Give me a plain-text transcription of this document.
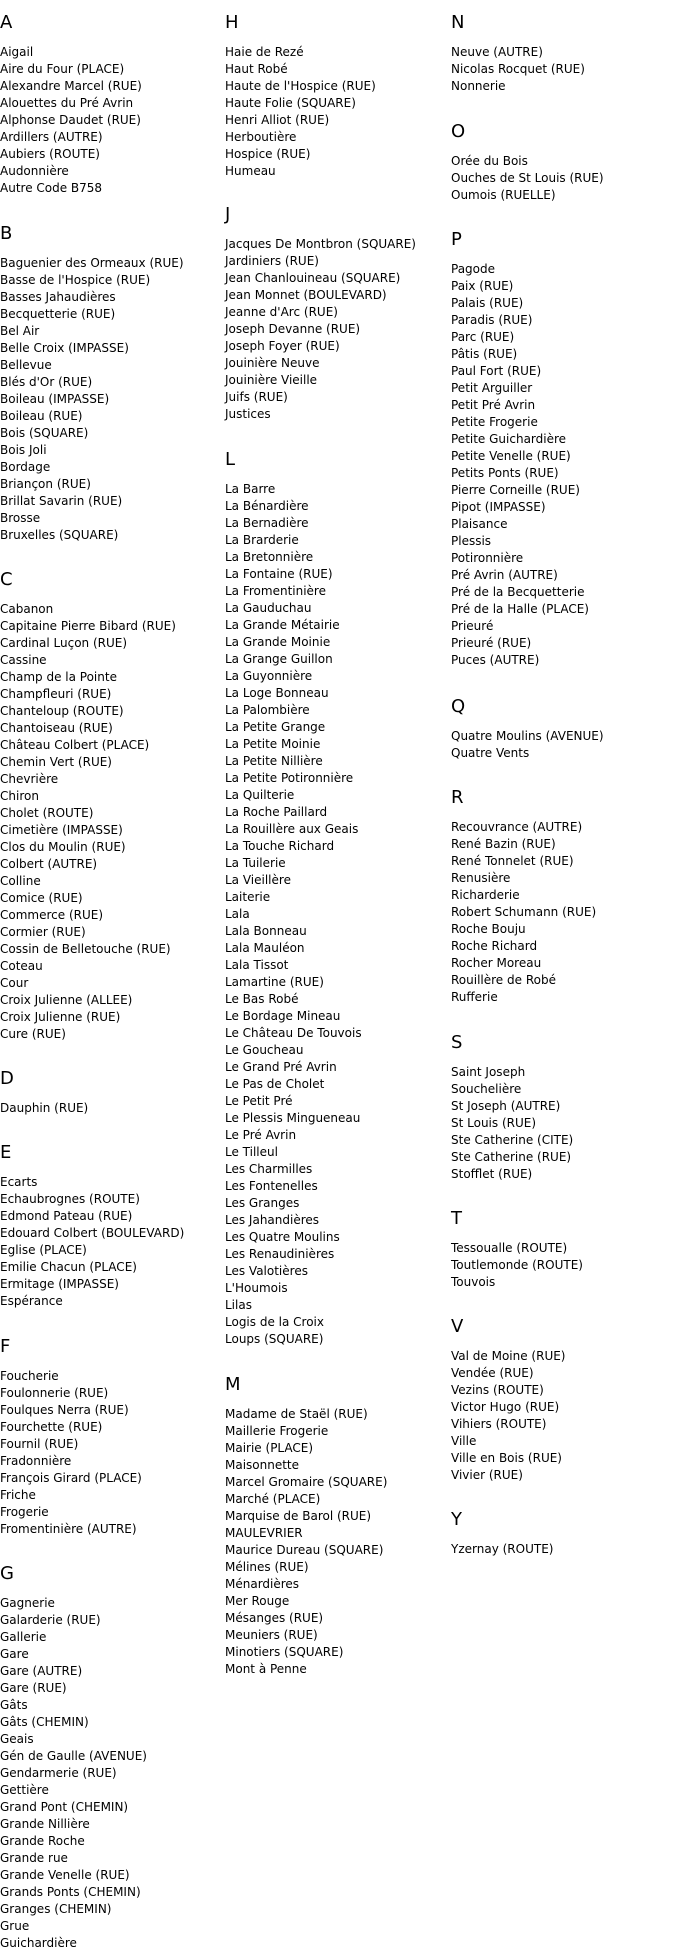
A
Aigail
Aire du Four (PLACE)
Alexandre Marcel (RUE)
Alouettes du Pré Avrin
Alphonse Daudet (RUE)
Ardillers (AUTRE)
Aubiers (ROUTE)
Audonnière
Autre Code B758
B
Baguenier des Ormeaux (RUE)
Basse de l'Hospice (RUE)
Basses Jahaudières
Becquetterie (RUE)
Bel Air
Belle Croix (IMPASSE)
Bellevue
Blés d'Or (RUE)
Boileau (IMPASSE)
Boileau (RUE)
Bois (SQUARE)
Bois Joli
Bordage
Briançon (RUE)
Brillat Savarin (RUE)
Brosse
Bruxelles (SQUARE)
C
Cabanon
Capitaine Pierre Bibard (RUE)
Cardinal Luçon (RUE)
Cassine
Champ de la Pointe
Champfleuri (RUE)
Chanteloup (ROUTE)
Chantoiseau (RUE)
Château Colbert (PLACE)
Chemin Vert (RUE)
Chevrière
Chiron
Cholet (ROUTE)
Cimetière (IMPASSE)
Clos du Moulin (RUE)
Colbert (AUTRE)
Colline
Comice (RUE)
Commerce (RUE)
Cormier (RUE)
Cossin de Belletouche (RUE)
Coteau
Cour
Croix Julienne (ALLEE)
Croix Julienne (RUE)
Cure (RUE)
D
Dauphin (RUE)
E
Ecarts
Echaubrognes (ROUTE)
Edmond Pateau (RUE)
Edouard Colbert (BOULEVARD)
Eglise (PLACE)
Emilie Chacun (PLACE)
Ermitage (IMPASSE)
Espérance
F
Foucherie
Foulonnerie (RUE)
Foulques Nerra (RUE)
Fourchette (RUE)
Fournil (RUE)
Fradonnière
François Girard (PLACE)
Friche
Frogerie
Fromentinière (AUTRE)
G
Gagnerie
Galarderie (RUE)
Gallerie
Gare
Gare (AUTRE)
Gare (RUE)
Gâts
Gâts (CHEMIN)
Geais
Gén de Gaulle (AVENUE)
Gendarmerie (RUE)
Gettière
Grand Pont (CHEMIN)
Grande Nillière
Grande Roche
Grande rue
Grande Venelle (RUE)
Grands Ponts (CHEMIN)
Granges (CHEMIN)
Grue
Guichardière
H
Haie de Rezé
Haut Robé
Haute de l'Hospice (RUE)
Haute Folie (SQUARE)
Henri Alliot (RUE)
Herboutière
Hospice (RUE)
Humeau
J
Jacques De Montbron (SQUARE)
Jardiniers (RUE)
Jean Chanlouineau (SQUARE)
Jean Monnet (BOULEVARD)
Jeanne d'Arc (RUE)
Joseph Devanne (RUE)
Joseph Foyer (RUE)
Jouinière Neuve
Jouinière Vieille
Juifs (RUE)
Justices
L
La Barre
La Bénardière
La Bernadière
La Brarderie
La Bretonnière
La Fontaine (RUE)
La Fromentinière
La Gauduchau
La Grande Métairie
La Grande Moinie
La Grange Guillon
La Guyonnière
La Loge Bonneau
La Palombière
La Petite Grange
La Petite Moinie
La Petite Nillière
La Petite Potironnière
La Quilterie
La Roche Paillard
La Rouillère aux Geais
La Touche Richard
La Tuilerie
La Vieillère
Laiterie
Lala
Lala Bonneau
Lala Mauléon
Lala Tissot
Lamartine (RUE)
Le Bas Robé
Le Bordage Mineau
Le Château De Touvois
Le Goucheau
Le Grand Pré Avrin
Le Pas de Cholet
Le Petit Pré
Le Plessis Mingueneau
Le Pré Avrin
Le Tilleul
Les Charmilles
Les Fontenelles
Les Granges
Les Jahandières
Les Quatre Moulins
Les Renaudinières
Les Valotières
L'Houmois
Lilas
Logis de la Croix
Loups (SQUARE)
M
Madame de Staël (RUE)
Maillerie Frogerie
Mairie (PLACE)
Maisonnette
Marcel Gromaire (SQUARE)
Marché (PLACE)
Marquise de Barol (RUE)
MAULEVRIER
Maurice Dureau (SQUARE)
Mélines (RUE)
Ménardières
Mer Rouge
Mésanges (RUE)
Meuniers (RUE)
Minotiers (SQUARE)
Mont à Penne
N
Neuve (AUTRE)
Nicolas Rocquet (RUE)
Nonnerie
O
Orée du Bois
Ouches de St Louis (RUE)
Oumois (RUELLE)
P
Pagode
Paix (RUE)
Palais (RUE)
Paradis (RUE)
Parc (RUE)
Pâtis (RUE)
Paul Fort (RUE)
Petit Arguiller
Petit Pré Avrin
Petite Frogerie
Petite Guichardière
Petite Venelle (RUE)
Petits Ponts (RUE)
Pierre Corneille (RUE)
Pipot (IMPASSE)
Plaisance
Plessis
Potironnière
Pré Avrin (AUTRE)
Pré de la Becquetterie
Pré de la Halle (PLACE)
Prieuré
Prieuré (RUE)
Puces (AUTRE)
Q
Quatre Moulins (AVENUE)
Quatre Vents
R
Recouvrance (AUTRE)
René Bazin (RUE)
René Tonnelet (RUE)
Renusière
Richarderie
Robert Schumann (RUE)
Roche Bouju
Roche Richard
Rocher Moreau
Rouillère de Robé
Rufferie
S
Saint Joseph
Souchelière
St Joseph (AUTRE)
St Louis (RUE)
Ste Catherine (CITE)
Ste Catherine (RUE)
Stofflet (RUE)
T
Tessoualle (ROUTE)
Toutlemonde (ROUTE)
Touvois
V
Val de Moine (RUE)
Vendée (RUE)
Vezins (ROUTE)
Victor Hugo (RUE)
Vihiers (ROUTE)
Ville
Ville en Bois (RUE)
Vivier (RUE)
Y
Yzernay (ROUTE)
